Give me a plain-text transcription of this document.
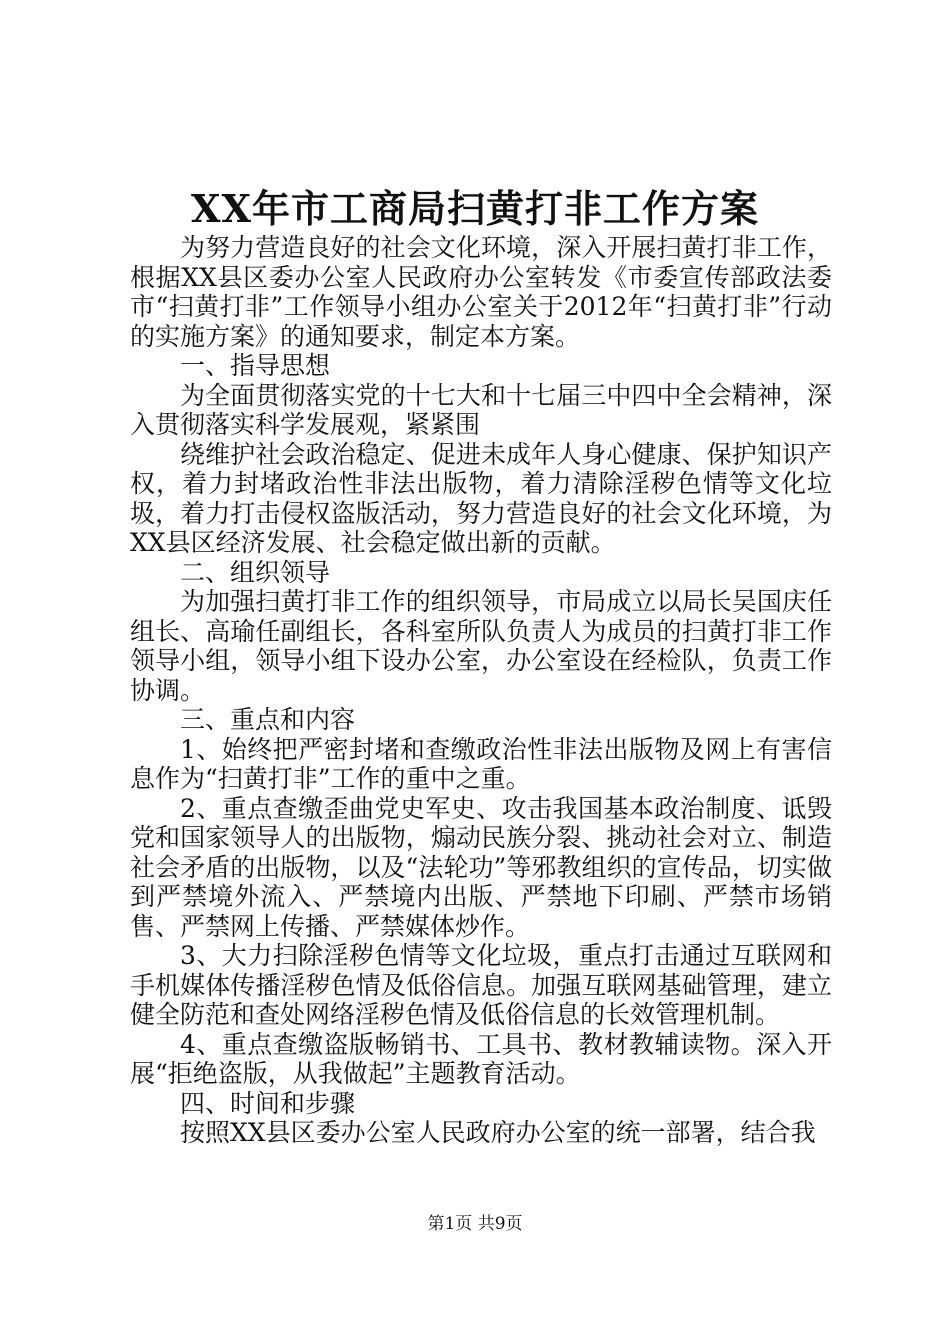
XX年市工商局扫黄打非工作方案

为努力营造良好的社会文化环境，深入开展扫黄打非工作，根据XX县区委办公室人民政府办公室转发《市委宣传部政法委市“扫黄打非”工作领导小组办公室关于2012年“扫黄打非”行动的实施方案》的通知要求，制定本方案。

一、指导思想

为全面贯彻落实党的十七大和十七届三中四中全会精神，深入贯彻落实科学发展观，紧紧围

绕维护社会政治稳定、促进未成年人身心健康、保护知识产权，着力封堵政治性非法出版物，着力清除淫秽色情等文化垃圾，着力打击侵权盗版活动，努力营造良好的社会文化环境，为XX县区经济发展、社会稳定做出新的贡献。

二、组织领导

为加强扫黄打非工作的组织领导，市局成立以局长吴国庆任组长、高瑜任副组长，各科室所队负责人为成员的扫黄打非工作领导小组，领导小组下设办公室，办公室设在经检队，负责工作协调。

三、重点和内容

1、始终把严密封堵和查缴政治性非法出版物及网上有害信息作为“扫黄打非”工作的重中之重。

2、重点查缴歪曲党史军史、攻击我国基本政治制度、诋毁党和国家领导人的出版物，煽动民族分裂、挑动社会对立、制造社会矛盾的出版物，以及“法轮功”等邪教组织的宣传品，切实做到严禁境外流入、严禁境内出版、严禁地下印刷、严禁市场销售、严禁网上传播、严禁媒体炒作。

3、大力扫除淫秽色情等文化垃圾，重点打击通过互联网和手机媒体传播淫秽色情及低俗信息。加强互联网基础管理，建立健全防范和查处网络淫秽色情及低俗信息的长效管理机制。

4、重点查缴盗版畅销书、工具书、教材教辅读物。深入开展“拒绝盗版，从我做起”主题教育活动。

四、时间和步骤

按照XX县区委办公室人民政府办公室的统一部署，结合我

第1页 共9页
